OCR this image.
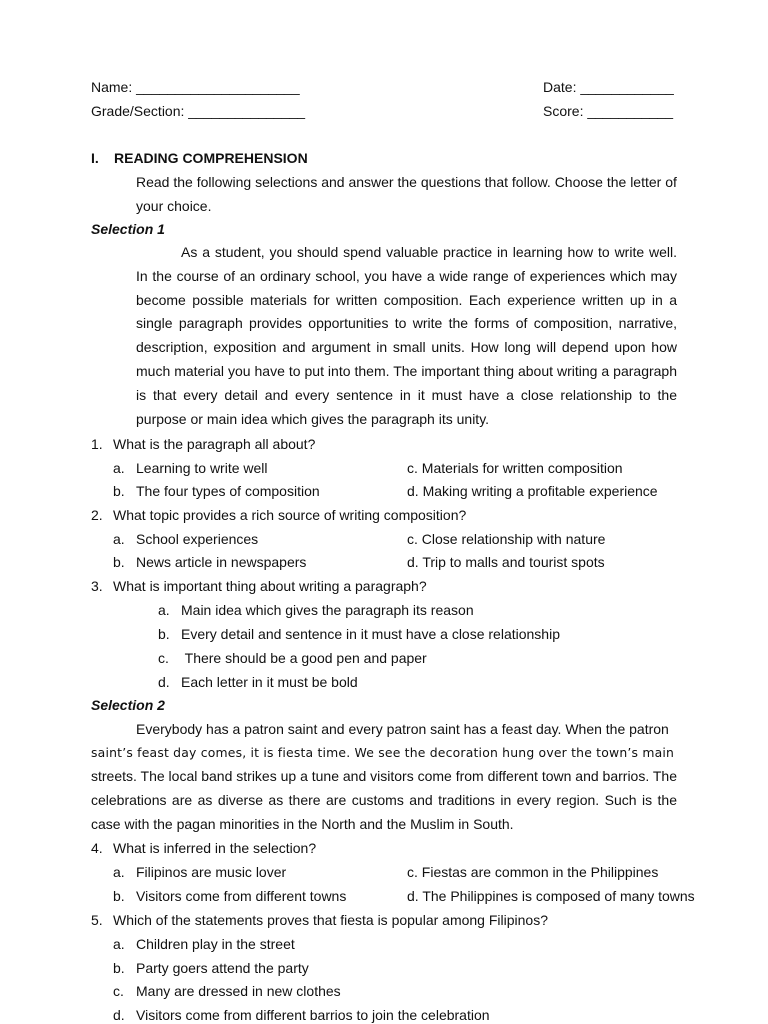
Name: _____________________	Date: ____________
Grade/Section: _______________	Score: ___________
I. READING COMPREHENSION
Read the following selections and answer the questions that follow. Choose the letter of
your choice.
Selection 1
As a student, you should spend valuable practice in learning how to write well. In the course of an ordinary school, you have a wide range of experiences which may become possible materials for written composition. Each experience written up in a single paragraph provides opportunities to write the forms of composition, narrative, description, exposition and argument in small units. How long will depend upon how much material you have to put into them. The important thing about writing a paragraph is that every detail and every sentence in it must have a close relationship to the purpose or main idea which gives the paragraph its unity.
1. What is the paragraph all about?
a. Learning to write well	c. Materials for written composition
b. The four types of composition	d. Making writing a profitable experience
2. What topic provides a rich source of writing composition?
a. School experiences	c. Close relationship with nature
b. News article in newspapers	d. Trip to malls and tourist spots
3. What is important thing about writing a paragraph?
a. Main idea which gives the paragraph its reason
b. Every detail and sentence in it must have a close relationship
c. There should be a good pen and paper
d. Each letter in it must be bold
Selection 2
Everybody has a patron saint and every patron saint has a feast day. When the patron
saint’s feast day comes, it is fiesta time. We see the decoration hung over the town’s main
streets. The local band strikes up a tune and visitors come from different town and barrios. The celebrations are as diverse as there are customs and traditions in every region. Such is the case with the pagan minorities in the North and the Muslim in South.
4. What is inferred in the selection?
a. Filipinos are music lover	c. Fiestas are common in the Philippines
b. Visitors come from different towns	d. The Philippines is composed of many towns
5. Which of the statements proves that fiesta is popular among Filipinos?
a. Children play in the street
b. Party goers attend the party
c. Many are dressed in new clothes
d. Visitors come from different barrios to join the celebration
